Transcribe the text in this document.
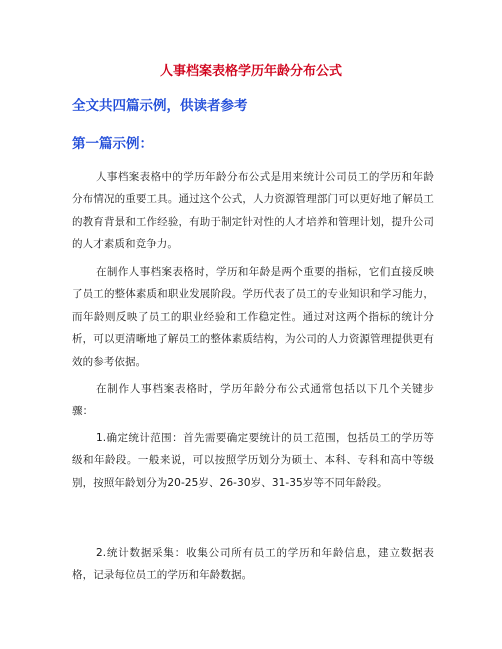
人事档案表格学历年龄分布公式
全文共四篇示例，供读者参考
第一篇示例：

人事档案表格中的学历年龄分布公式是用来统计公司员工的学历和年龄分布情况的重要工具。通过这个公式，人力资源管理部门可以更好地了解员工的教育背景和工作经验，有助于制定针对性的人才培养和管理计划，提升公司的人才素质和竞争力。

在制作人事档案表格时，学历和年龄是两个重要的指标，它们直接反映了员工的整体素质和职业发展阶段。学历代表了员工的专业知识和学习能力，而年龄则反映了员工的职业经验和工作稳定性。通过对这两个指标的统计分析，可以更清晰地了解员工的整体素质结构，为公司的人力资源管理提供更有效的参考依据。

在制作人事档案表格时，学历年龄分布公式通常包括以下几个关键步骤：

1.确定统计范围：首先需要确定要统计的员工范围，包括员工的学历等级和年龄段。一般来说，可以按照学历划分为硕士、本科、专科和高中等级别，按照年龄划分为20-25岁、26-30岁、31-35岁等不同年龄段。

2.统计数据采集：收集公司所有员工的学历和年龄信息，建立数据表格，记录每位员工的学历和年龄数据。
